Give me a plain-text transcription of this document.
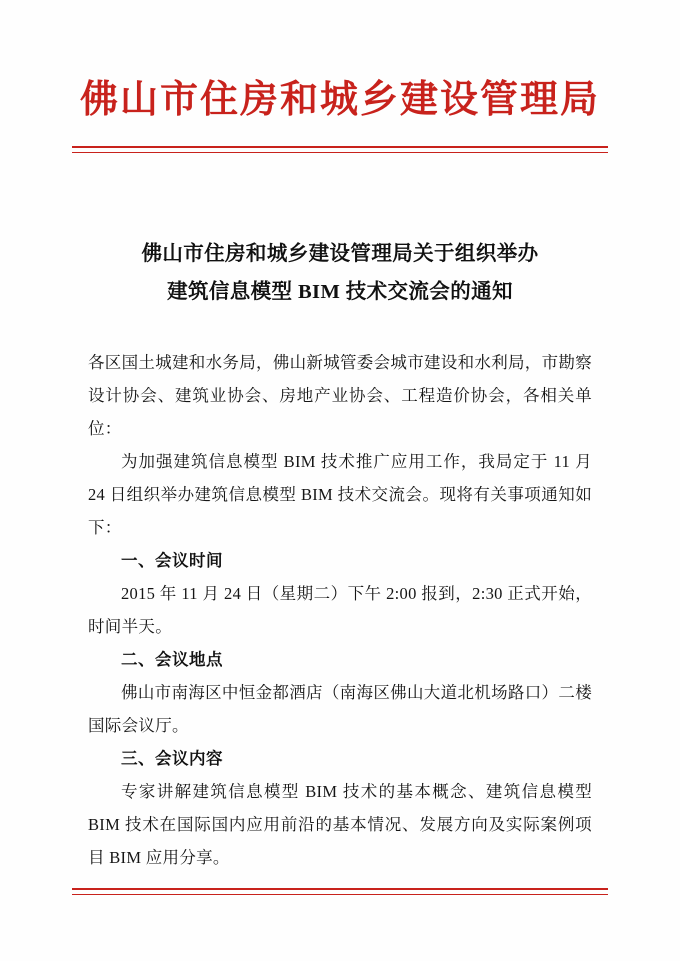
佛山市住房和城乡建设管理局
佛山市住房和城乡建设管理局关于组织举办
建筑信息模型 BIM 技术交流会的通知

各区国土城建和水务局，佛山新城管委会城市建设和水利局，市勘察设计协会、建筑业协会、房地产业协会、工程造价协会，各相关单位：

为加强建筑信息模型 BIM 技术推广应用工作，我局定于 11 月 24 日组织举办建筑信息模型 BIM 技术交流会。现将有关事项通知如下：

一、会议时间

2015 年 11 月 24 日（星期二）下午 2:00 报到，2:30 正式开始，时间半天。

二、会议地点

佛山市南海区中恒金都酒店（南海区佛山大道北机场路口）二楼国际会议厅。

三、会议内容

专家讲解建筑信息模型 BIM 技术的基本概念、建筑信息模型 BIM 技术在国际国内应用前沿的基本情况、发展方向及实际案例项目 BIM 应用分享。
